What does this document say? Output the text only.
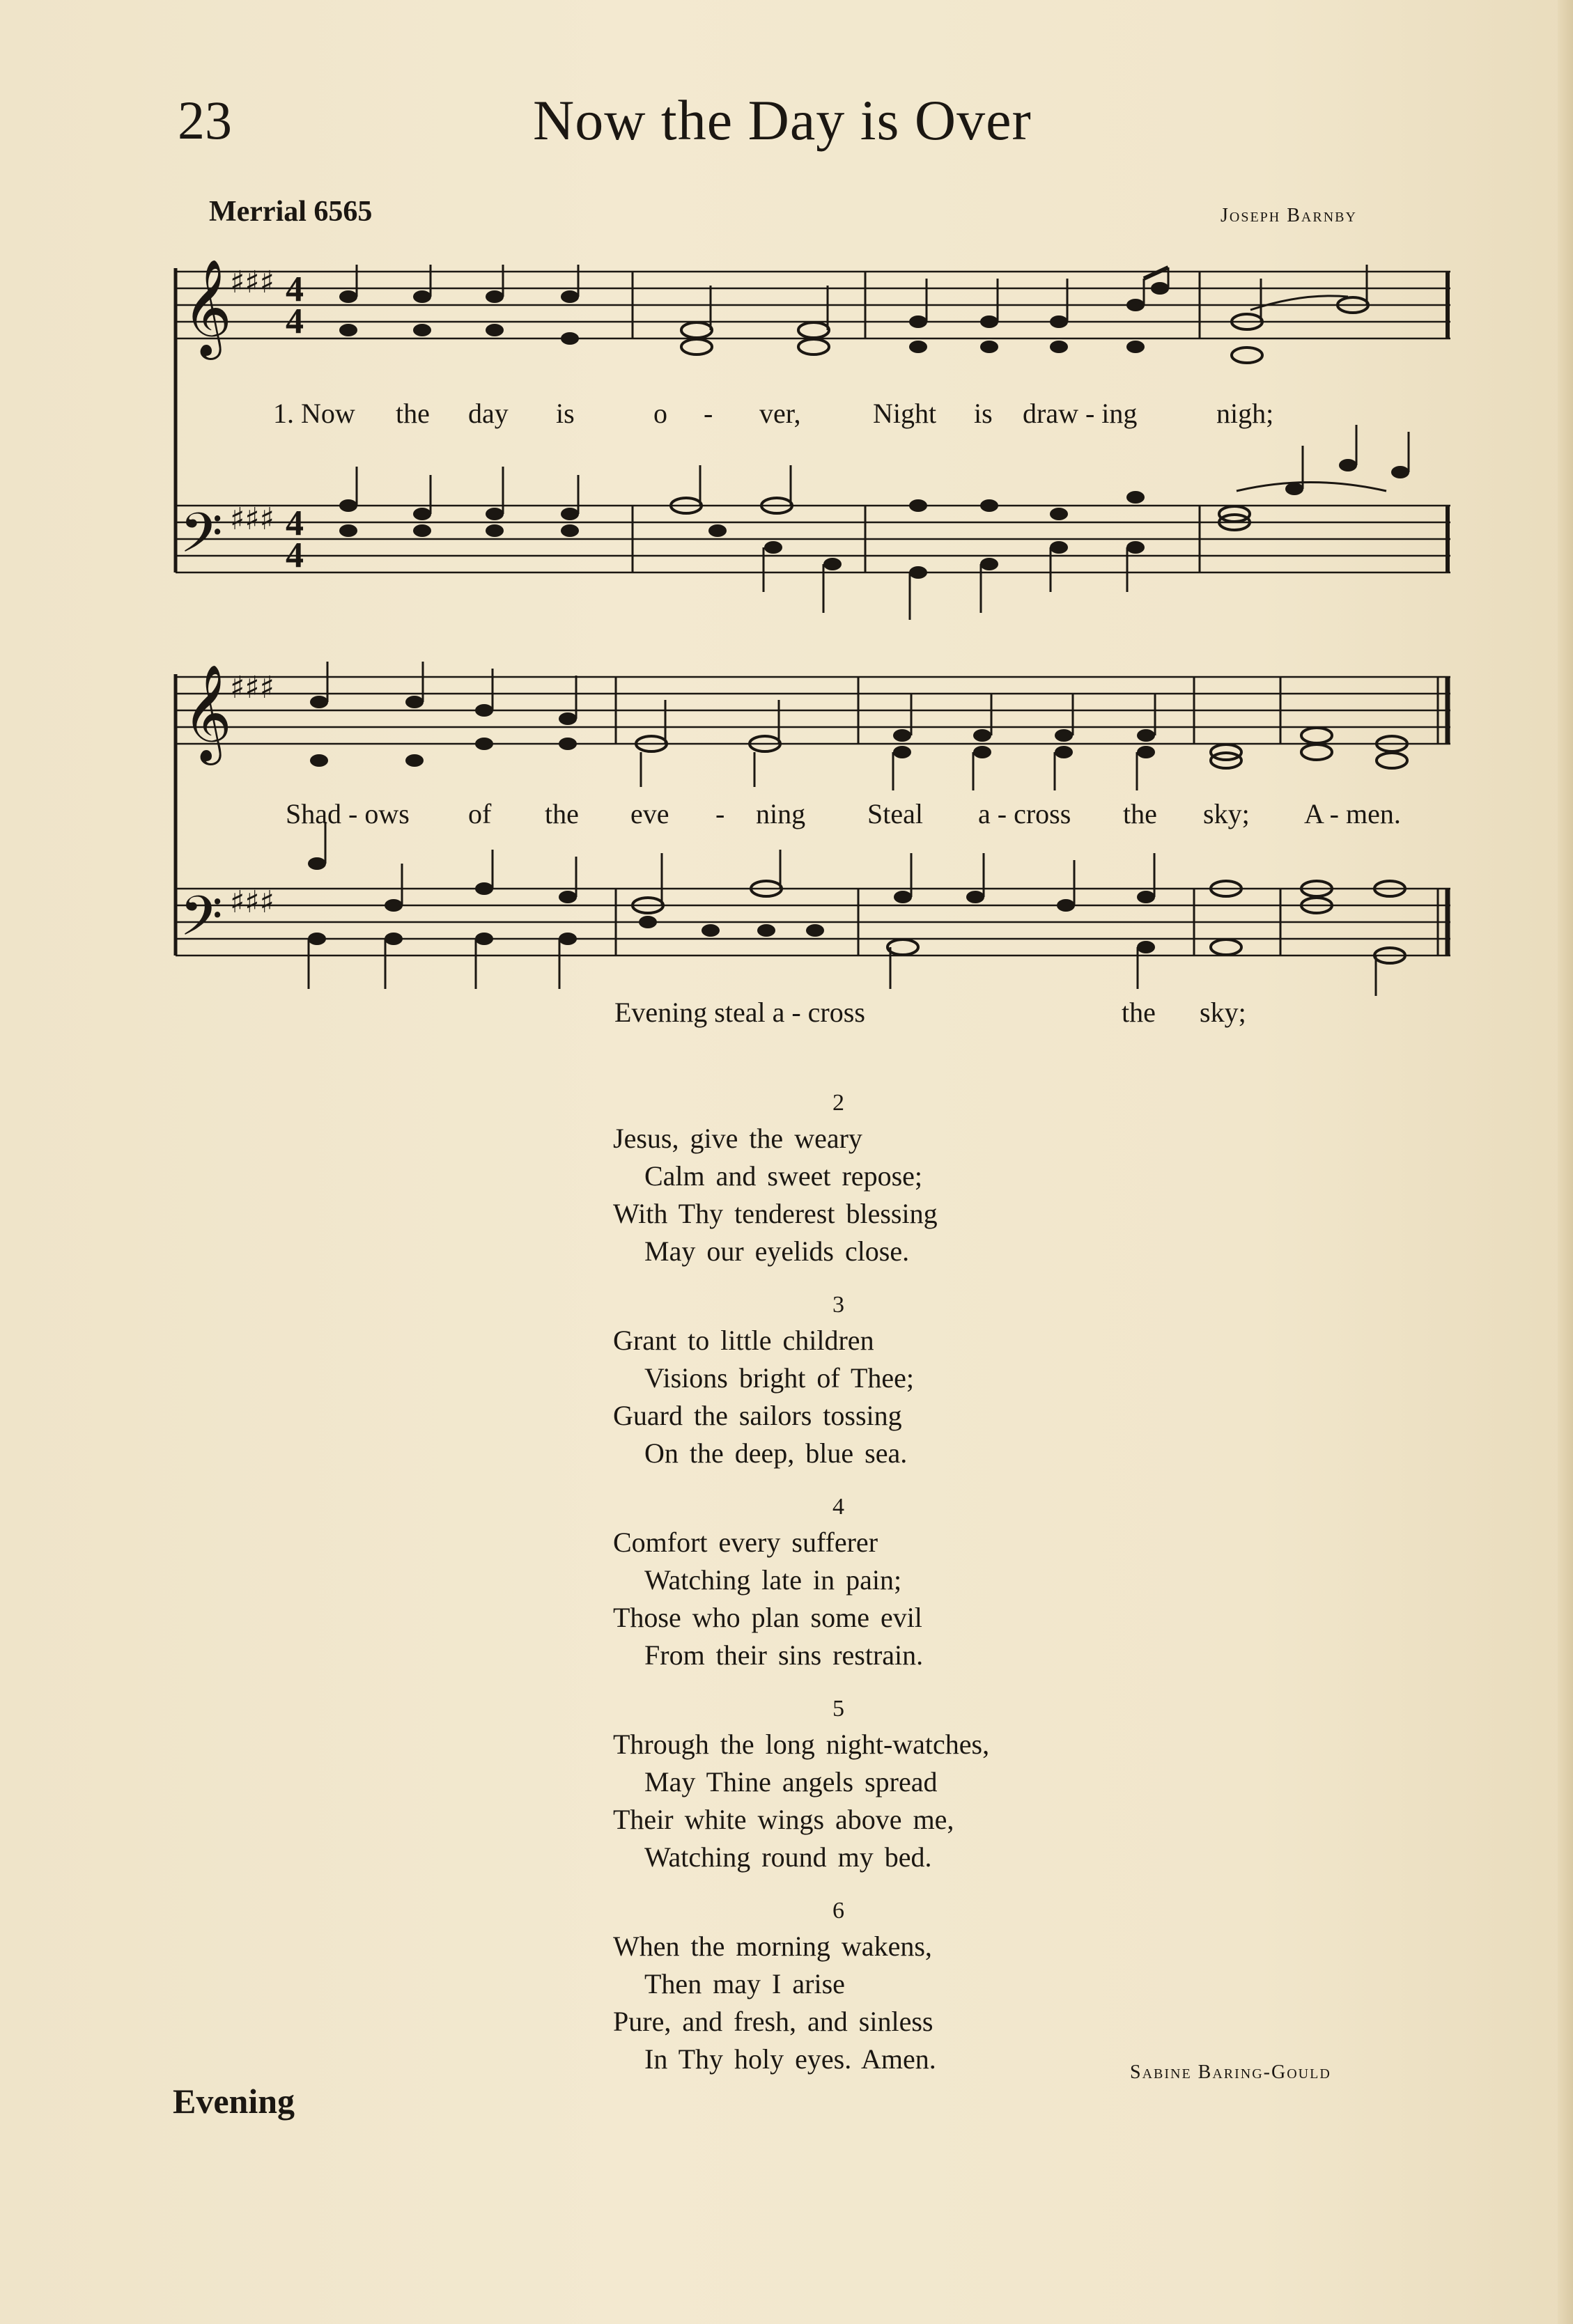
23	Now the Day is Over
Merrial 6565	Joseph Barnby
𝄞
♯♯♯ 4
4
𝄢 ♯♯♯ 4
4
𝄞
♯♯♯
𝄢 ♯♯♯
1. Now the day is	o - ver,	Night is draw - ing	nigh;
Shad - ows of the eve - ning Steal a - cross the sky; A - men.
Evening steal a - cross	the sky;
2
Jesus, give the weary
Calm and sweet repose;
With Thy tenderest blessing
May our eyelids close.
3
Grant to little children
Visions bright of Thee;
Guard the sailors tossing
On the deep, blue sea.
4
Comfort every sufferer
Watching late in pain;
Those who plan some evil
From their sins restrain.
5
Through the long night-watches,
May Thine angels spread
Their white wings above me,
Watching round my bed.
6
When the morning wakens,
Then may I arise
Pure, and fresh, and sinless
In Thy holy eyes. Amen.	Sabine Baring-Gould
Evening
